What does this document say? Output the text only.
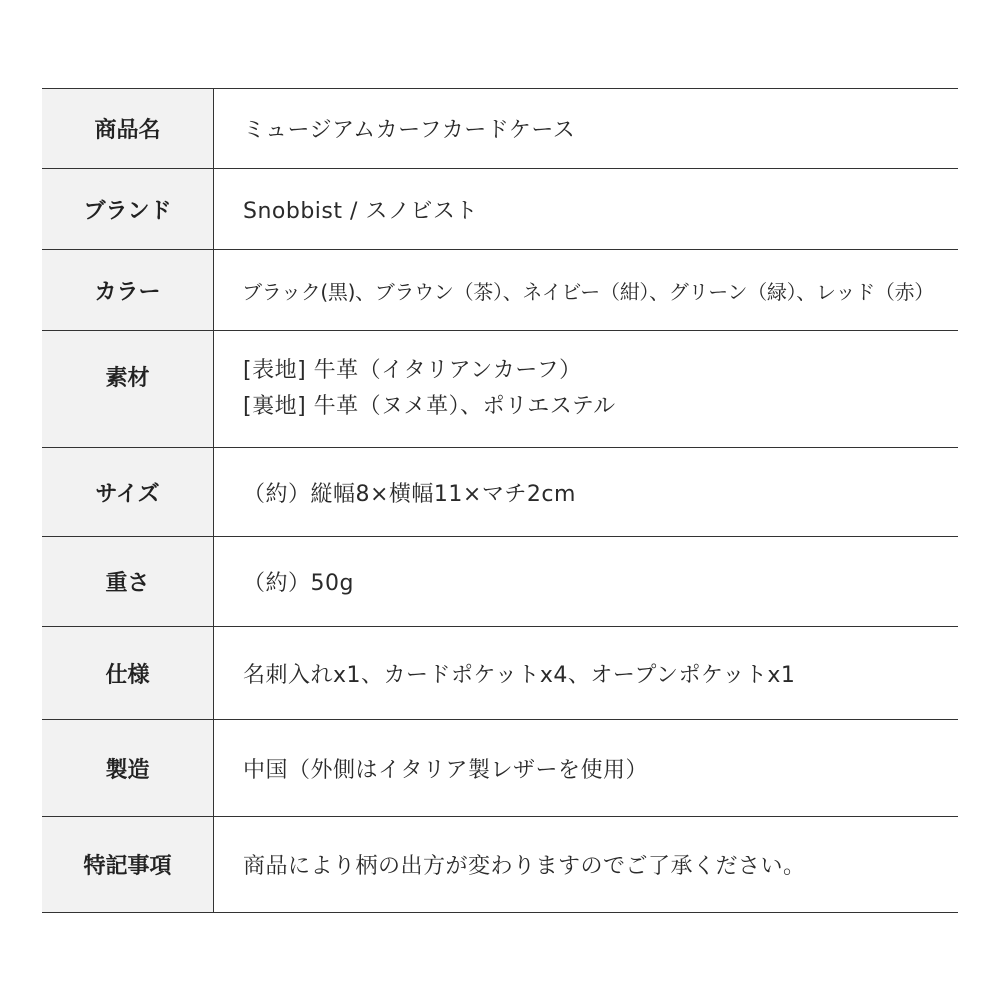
商品名	ミュージアムカーフカードケース
ブランド	Snobbist / スノビスト
カラー	ブラック(黒)、ブラウン（茶）、ネイビー（紺）、グリーン（緑）、レッド（赤）
素材	[表地] 牛革（イタリアンカーフ）
[裏地] 牛革（ヌメ革）、ポリエステル

サイズ	（約）縦幅8×横幅11×マチ2cm
重さ	（約）50g
仕様	名刺入れx1、カードポケットx4、オープンポケットx1
製造	中国（外側はイタリア製レザーを使用）
特記事項	商品により柄の出方が変わりますのでご了承ください。
